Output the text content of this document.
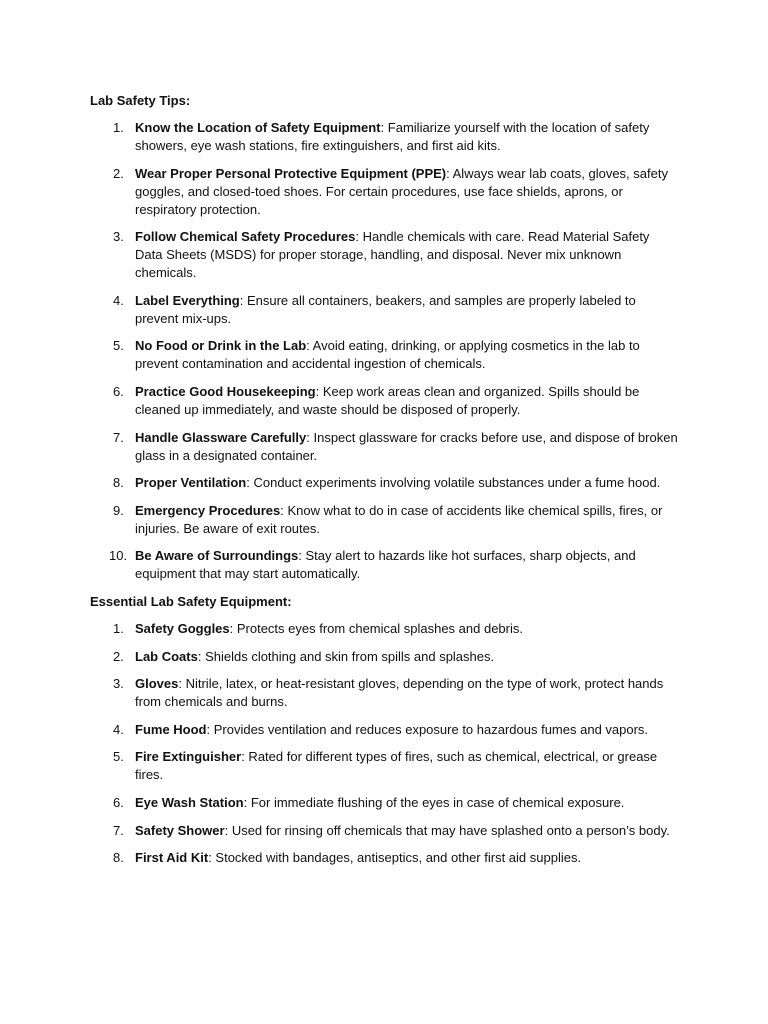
Lab Safety Tips:
1. Know the Location of Safety Equipment: Familiarize yourself with the location of safety showers, eye wash stations, fire extinguishers, and first aid kits.
2. Wear Proper Personal Protective Equipment (PPE): Always wear lab coats, gloves, safety goggles, and closed-toed shoes. For certain procedures, use face shields, aprons, or respiratory protection.
3. Follow Chemical Safety Procedures: Handle chemicals with care. Read Material Safety Data Sheets (MSDS) for proper storage, handling, and disposal. Never mix unknown chemicals.
4. Label Everything: Ensure all containers, beakers, and samples are properly labeled to prevent mix-ups.
5. No Food or Drink in the Lab: Avoid eating, drinking, or applying cosmetics in the lab to prevent contamination and accidental ingestion of chemicals.
6. Practice Good Housekeeping: Keep work areas clean and organized. Spills should be cleaned up immediately, and waste should be disposed of properly.
7. Handle Glassware Carefully: Inspect glassware for cracks before use, and dispose of broken glass in a designated container.
8. Proper Ventilation: Conduct experiments involving volatile substances under a fume hood.
9. Emergency Procedures: Know what to do in case of accidents like chemical spills, fires, or injuries. Be aware of exit routes.
10. Be Aware of Surroundings: Stay alert to hazards like hot surfaces, sharp objects, and equipment that may start automatically.
Essential Lab Safety Equipment:
1. Safety Goggles: Protects eyes from chemical splashes and debris.
2. Lab Coats: Shields clothing and skin from spills and splashes.
3. Gloves: Nitrile, latex, or heat-resistant gloves, depending on the type of work, protect hands from chemicals and burns.
4. Fume Hood: Provides ventilation and reduces exposure to hazardous fumes and vapors.
5. Fire Extinguisher: Rated for different types of fires, such as chemical, electrical, or grease fires.
6. Eye Wash Station: For immediate flushing of the eyes in case of chemical exposure.
7. Safety Shower: Used for rinsing off chemicals that may have splashed onto a person’s body.
8. First Aid Kit: Stocked with bandages, antiseptics, and other first aid supplies.
